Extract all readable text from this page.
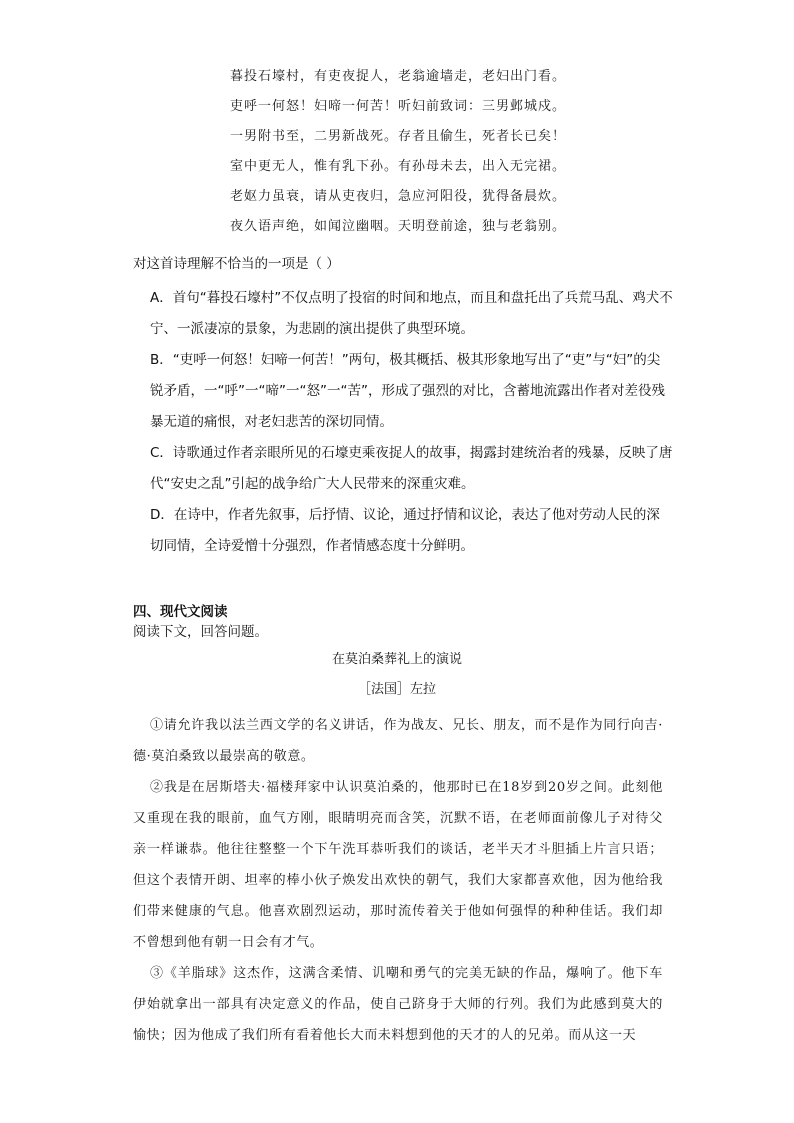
暮投石壕村，有吏夜捉人，老翁逾墙走，老妇出门看。
吏呼一何怒！妇啼一何苦！听妇前致词：三男邺城戍。
一男附书至，二男新战死。存者且偷生，死者长已矣！
室中更无人，惟有乳下孙。有孙母未去，出入无完裙。
老妪力虽衰，请从吏夜归，急应河阳役，犹得备晨炊。
夜久语声绝，如闻泣幽咽。天明登前途，独与老翁别。
对这首诗理解不恰当的一项是（ ）
A．首句“暮投石壕村”不仅点明了投宿的时间和地点，而且和盘托出了兵荒马乱、鸡犬不宁、一派凄凉的景象，为悲剧的演出提供了典型环境。
B．“吏呼一何怒！妇啼一何苦！”两句，极其概括、极其形象地写出了“吏”与“妇”的尖锐矛盾，一“呼”一“啼”一“怒”一“苦”，形成了强烈的对比，含蓄地流露出作者对差役残暴无道的痛恨，对老妇悲苦的深切同情。
C．诗歌通过作者亲眼所见的石壕吏乘夜捉人的故事，揭露封建统治者的残暴，反映了唐代“安史之乱”引起的战争给广大人民带来的深重灾难。
D．在诗中，作者先叙事，后抒情、议论，通过抒情和议论，表达了他对劳动人民的深切同情，全诗爱憎十分强烈，作者情感态度十分鲜明。
四、现代文阅读
阅读下文，回答问题。
在莫泊桑葬礼上的演说
［法国］左拉

①请允许我以法兰西文学的名义讲话，作为战友、兄长、朋友，而不是作为同行向吉·德·莫泊桑致以最崇高的敬意。

②我是在居斯塔夫·福楼拜家中认识莫泊桑的，他那时已在18岁到20岁之间。此刻他又重现在我的眼前，血气方刚，眼睛明亮而含笑，沉默不语，在老师面前像儿子对待父亲一样谦恭。他往往整整一个下午洗耳恭听我们的谈话，老半天才斗胆插上片言只语；但这个表情开朗、坦率的棒小伙子焕发出欢快的朝气，我们大家都喜欢他，因为他给我们带来健康的气息。他喜欢剧烈运动，那时流传着关于他如何强悍的种种佳话。我们却不曾想到他有朝一日会有才气。

③《羊脂球》这杰作，这满含柔情、讥嘲和勇气的完美无缺的作品，爆响了。他下车伊始就拿出一部具有决定意义的作品，使自己跻身于大师的行列。我们为此感到莫大的愉快；因为他成了我们所有看着他长大而未料想到他的天才的人的兄弟。而从这一天
